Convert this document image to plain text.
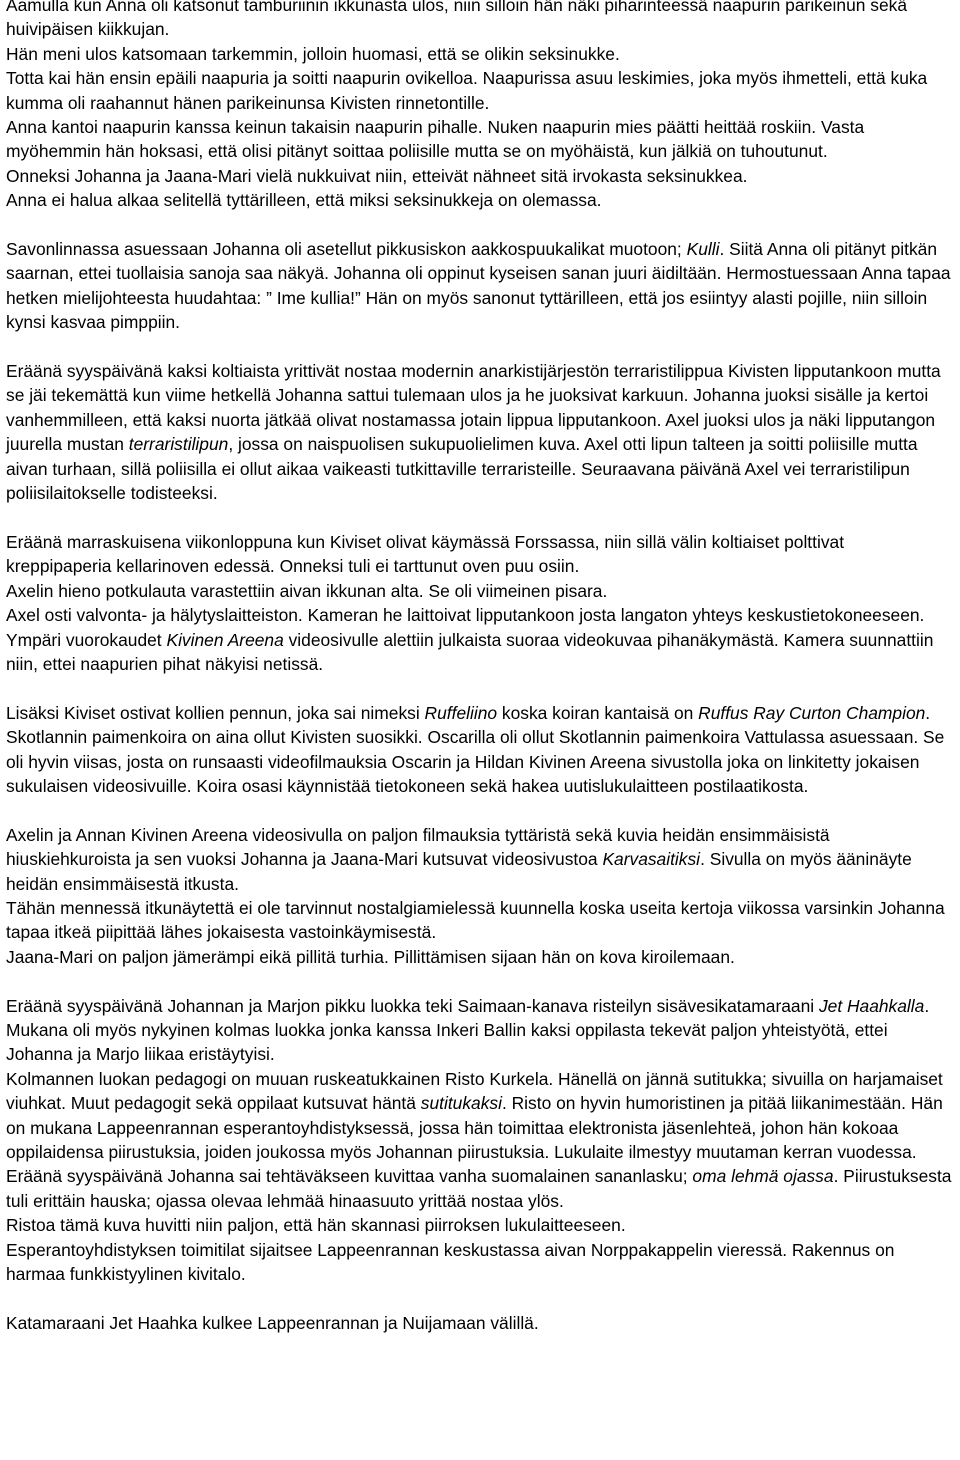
Aamulla kun Anna oli katsonut tamburiinin ikkunasta ulos, niin silloin hän näki piharinteessä naapurin parikeinun sekä huivipäisen kiikkujan.
Hän meni ulos katsomaan tarkemmin, jolloin huomasi, että se olikin seksinukke.
Totta kai hän ensin epäili naapuria ja soitti naapurin ovikelloa. Naapurissa asuu leskimies, joka myös ihmetteli, että kuka kumma oli raahannut hänen parikeinunsa Kivisten rinnetontille.
Anna kantoi naapurin kanssa keinun takaisin naapurin pihalle. Nuken naapurin mies päätti heittää roskiin. Vasta myöhemmin hän hoksasi, että olisi pitänyt soittaa poliisille mutta se on myöhäistä, kun jälkiä on tuhoutunut.
Onneksi Johanna ja Jaana-Mari vielä nukkuivat niin, etteivät nähneet sitä irvokasta seksinukkea.
Anna ei halua alkaa selitellä tyttärilleen, että miksi seksinukkeja on olemassa.
Savonlinnassa asuessaan Johanna oli asetellut pikkusiskon aakkospuukalikat muotoon; Kulli. Siitä Anna oli pitänyt pitkän saarnan, ettei tuollaisia sanoja saa näkyä. Johanna oli oppinut kyseisen sanan juuri äidiltään. Hermostuessaan Anna tapaa hetken mielijohteesta huudahtaa: ” Ime kullia!” Hän on myös sanonut tyttärilleen, että jos esiintyy alasti pojille, niin silloin kynsi kasvaa pimppiin.
Eräänä syyspäivänä kaksi koltiaista yrittivät nostaa modernin anarkistijärjestön terraristilippua Kivisten lipputankoon mutta se jäi tekemättä kun viime hetkellä Johanna sattui tulemaan ulos ja he juoksivat karkuun. Johanna juoksi sisälle ja kertoi vanhemmilleen, että kaksi nuorta jätkää olivat nostamassa jotain lippua lipputankoon. Axel juoksi ulos ja näki lipputangon juurella mustan terraristilipun, jossa on naispuolisen sukupuolielimen kuva. Axel otti lipun talteen ja soitti poliisille mutta aivan turhaan, sillä poliisilla ei ollut aikaa vaikeasti tutkittaville terraristeille. Seuraavana päivänä Axel vei terraristilipun poliisilaitokselle todisteeksi.
Eräänä marraskuisena viikonloppuna kun Kiviset olivat käymässä Forssassa, niin sillä välin koltiaiset polttivat kreppipaperia kellarinoven edessä. Onneksi tuli ei tarttunut oven puu osiin.
Axelin hieno potkulauta varastettiin aivan ikkunan alta. Se oli viimeinen pisara.
Axel osti valvonta- ja hälytyslaitteiston. Kameran he laittoivat lipputankoon josta langaton yhteys keskustietokoneeseen. Ympäri vuorokaudet Kivinen Areena videosivulle alettiin julkaista suoraa videokuvaa pihanäkymästä. Kamera suunnattiin niin, ettei naapurien pihat näkyisi netissä.
Lisäksi Kiviset ostivat kollien pennun, joka sai nimeksi Ruffeliino koska koiran kantaisä on Ruffus Ray Curton Champion.
Skotlannin paimenkoira on aina ollut Kivisten suosikki. Oscarilla oli ollut Skotlannin paimenkoira Vattulassa asuessaan. Se oli hyvin viisas, josta on runsaasti videofilmauksia Oscarin ja Hildan Kivinen Areena sivustolla joka on linkitetty jokaisen sukulaisen videosivuille. Koira osasi käynnistää tietokoneen sekä hakea uutislukulaitteen postilaatikosta.
Axelin ja Annan Kivinen Areena videosivulla on paljon filmauksia tyttäristä sekä kuvia heidän ensimmäisistä hiuskiehkuroista ja sen vuoksi Johanna ja Jaana-Mari kutsuvat videosivustoa Karvasaitiksi. Sivulla on myös ääninäyte heidän ensimmäisestä itkusta.
Tähän mennessä itkunäytettä ei ole tarvinnut nostalgiamielessä kuunnella koska useita kertoja viikossa varsinkin Johanna tapaa itkeä piipittää lähes jokaisesta vastoinkäymisestä.
Jaana-Mari on paljon jämerämpi eikä pillitä turhia. Pillittämisen sijaan hän on kova kiroilemaan.
Eräänä syyspäivänä Johannan ja Marjon pikku luokka teki Saimaan-kanava risteilyn sisävesikatamaraani Jet Haahkalla. Mukana oli myös nykyinen kolmas luokka jonka kanssa Inkeri Ballin kaksi oppilasta tekevät paljon yhteistyötä, ettei Johanna ja Marjo liikaa eristäytyisi.
Kolmannen luokan pedagogi on muuan ruskeatukkainen Risto Kurkela. Hänellä on jännä sutitukka; sivuilla on harjamaiset viuhkat. Muut pedagogit sekä oppilaat kutsuvat häntä sutitukaksi. Risto on hyvin humoristinen ja pitää liikanimestään. Hän on mukana Lappeenrannan esperantoyhdistyksessä, jossa hän toimittaa elektronista jäsenlehteä, johon hän kokoaa oppilaidensa piirustuksia, joiden joukossa myös Johannan piirustuksia. Lukulaite ilmestyy muutaman kerran vuodessa.
Eräänä syyspäivänä Johanna sai tehtäväkseen kuvittaa vanha suomalainen sananlasku; oma lehmä ojassa. Piirustuksesta tuli erittäin hauska; ojassa olevaa lehmää hinaasuuto yrittää nostaa ylös.
Ristoa tämä kuva huvitti niin paljon, että hän skannasi piirroksen lukulaitteeseen.
Esperantoyhdistyksen toimitilat sijaitsee Lappeenrannan keskustassa aivan Norppakappelin vieressä. Rakennus on harmaa funkkistyylinen kivitalo.
Katamaraani Jet Haahka kulkee Lappeenrannan ja Nuijamaan välillä.
